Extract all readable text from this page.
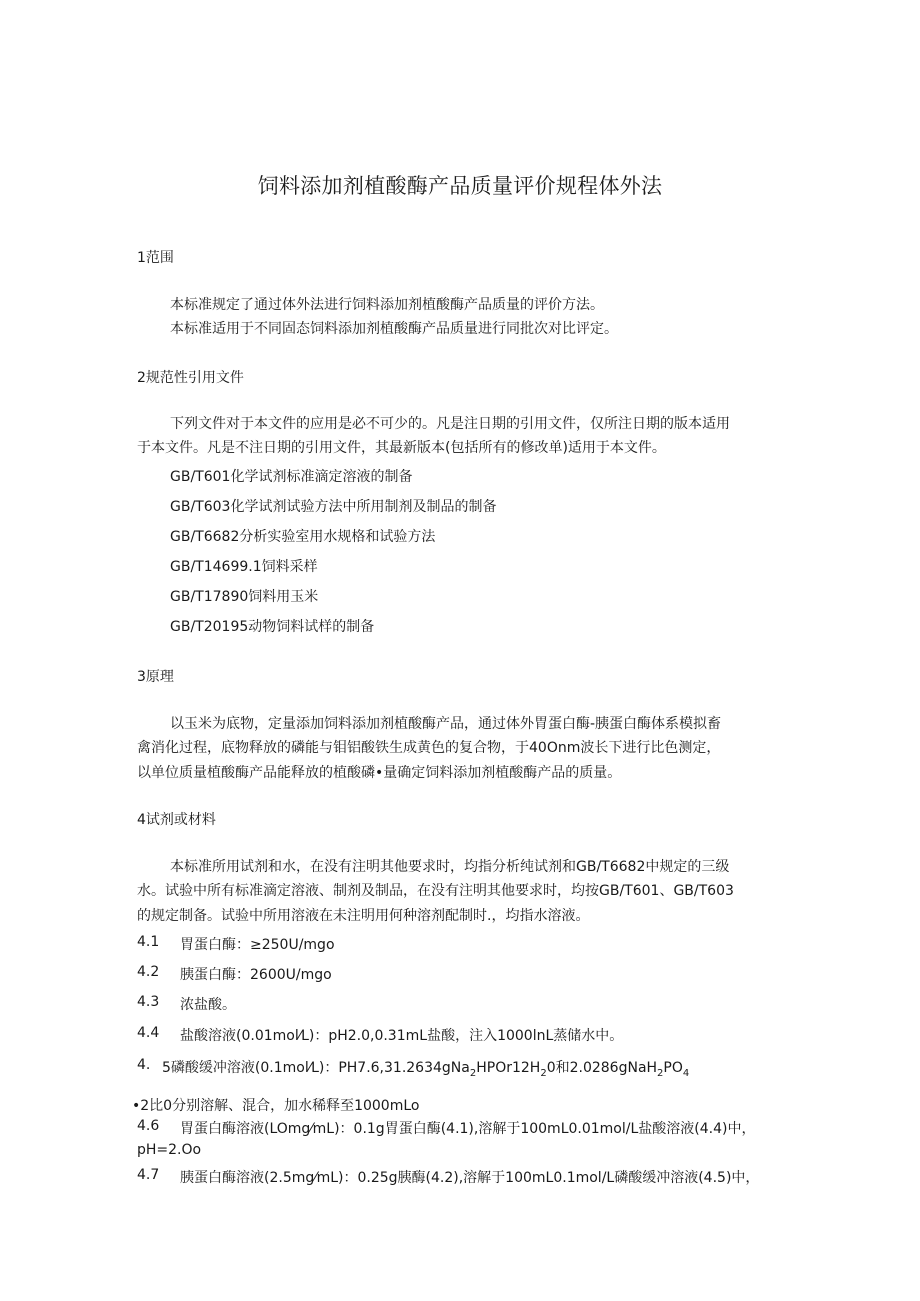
饲料添加剂植酸酶产品质量评价规程体外法
1范围
本标准规定了通过体外法进行饲料添加剂植酸酶产品质量的评价方法。
本标准适用于不同固态饲料添加剂植酸酶产品质量进行同批次对比评定。
2规范性引用文件
下列文件对于本文件的应用是必不可少的。凡是注日期的引用文件，仅所注日期的版本适用
于本文件。凡是不注日期的引用文件，其最新版本(包括所有的修改单)适用于本文件。
GB/T601化学试剂标准滴定溶液的制备
GB/T603化学试剂试验方法中所用制剂及制品的制备
GB/T6682分析实验室用水规格和试验方法
GB/T14699.1饲料采样
GB/T17890饲料用玉米
GB/T20195动物饲料试样的制备
3原理
以玉米为底物，定量添加饲料添加剂植酸酶产品，通过体外胃蛋白酶-胰蛋白酶体系模拟畜
禽消化过程，底物释放的磷能与钼铝酸铁生成黄色的复合物，于40Onm波长下进行比色测定，
以单位质量植酸酶产品能释放的植酸磷•量确定饲料添加剂植酸酶产品的质量。
4试剂或材料
本标准所用试剂和水，在没有注明其他要求时，均指分析纯试剂和GB/T6682中规定的三级
水。试验中所有标准滴定溶液、制剂及制品，在没有注明其他要求时，均按GB/T601、GB/T603
的规定制备。试验中所用溶液在未注明用何种溶剂配制时.，均指水溶液。
4.1 胃蛋白酶：≥250U/mgo
4.2 胰蛋白酶：2600U/mgo
4.3 浓盐酸。
4.4 盐酸溶液(0.01mol⁄L)：pH2.0,0.31mL盐酸，注入1000lnL蒸储水中。
4. 5磷酸缓冲溶液(0.1mol⁄L)：$PH7.6,31.2634gNa_2HPOr12H_20$和$2.0286gNaH_2PO_4$
•2比0分别溶解、混合，加水稀释至1000mLo
4.6 胃蛋白酶溶液(LOmg⁄mL)：0.1g胃蛋白酶(4.1),溶解于100mL0.01mol/L盐酸溶液(4.4)中，
pH=2.Oo
4.7 胰蛋白酶溶液(2.5mg⁄mL)：0.25g胰酶(4.2),溶解于100mL0.1mol/L磷酸缓冲溶液(4.5)中，
